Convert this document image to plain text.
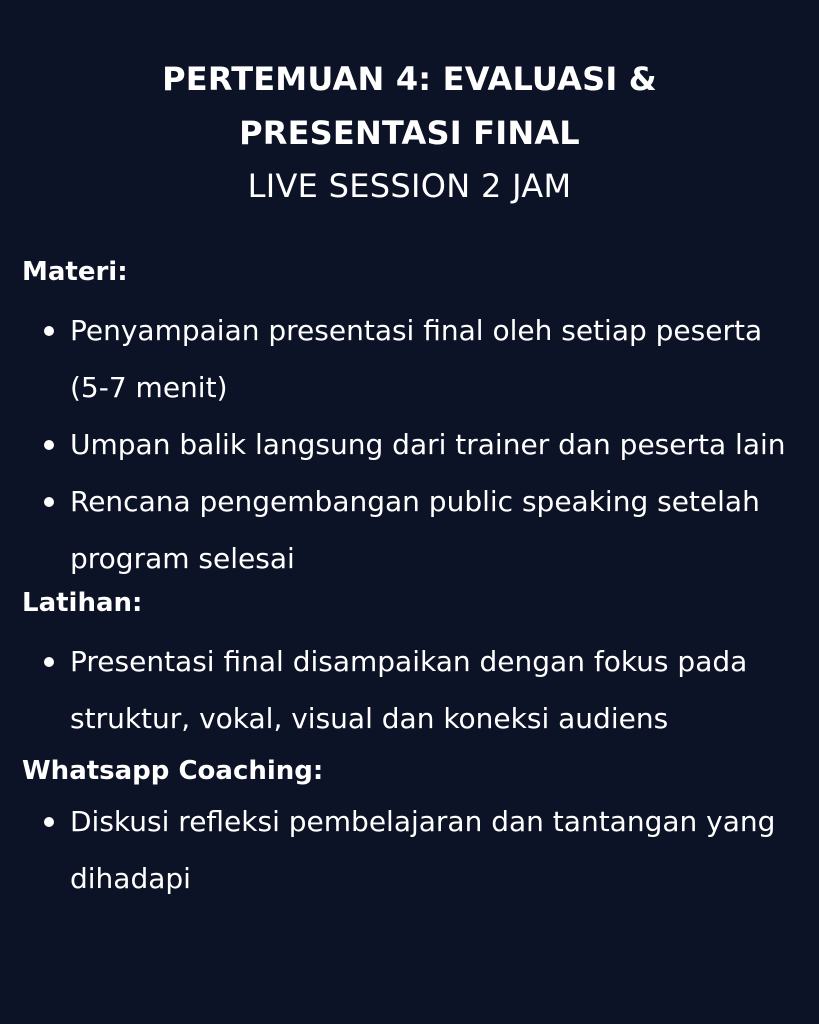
PERTEMUAN 4: EVALUASI &

PRESENTASI FINAL

LIVE SESSION 2 JAM

Materi:

Penyampaian presentasi final oleh setiap peserta (5-7 menit)
Umpan balik langsung dari trainer dan peserta lain
Rencana pengembangan public speaking setelah program selesai

Latihan:

Presentasi final disampaikan dengan fokus pada struktur, vokal, visual dan koneksi audiens

Whatsapp Coaching:

Diskusi refleksi pembelajaran dan tantangan yang dihadapi
